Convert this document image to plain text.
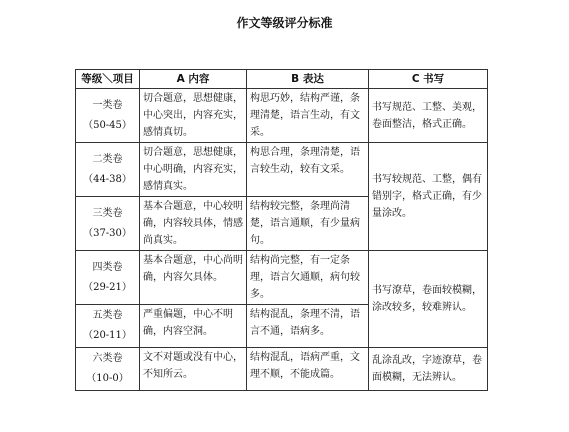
作文等级评分标准
等级＼项目	A 内容	B 表达	C 书写

一类卷
（50-45）	切合题意，思想健康，中心突出，内容充实，感情真切。	构思巧妙，结构严谨，条理清楚，语言生动，有文采。	书写规范、工整、美观，卷面整洁，格式正确。

二类卷
（44-38）	切合题意，思想健康，中心明确，内容充实，感情真实。	构思合理，条理清楚，语言较生动，较有文采。	书写较规范、工整，偶有错别字，格式正确，有少量涂改。

三类卷
（37-30）	基本合题意，中心较明确，内容较具体，情感尚真实。	结构较完整，条理尚清楚，语言通顺，有少量病句。	

四类卷
（29-21）	基本合题意，中心尚明确，内容欠具体。	结构尚完整，有一定条理，语言欠通顺，病句较多。	书写潦草，卷面较模糊，涂改较多，较难辨认。

五类卷
（20-11）	严重偏题，中心不明确，内容空洞。	结构混乱，条理不清，语言不通，语病多。	

六类卷
（10-0）	文不对题或没有中心，不知所云。	结构混乱，语病严重，文理不顺，不能成篇。	乱涂乱改，字迹潦草，卷面模糊，无法辨认。
